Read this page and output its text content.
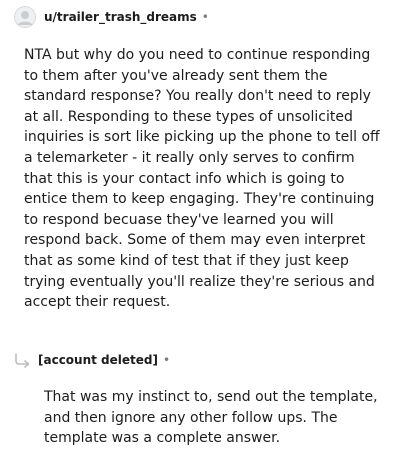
u/trailer_trash_dreams •

NTA but why do you need to continue responding to them after you've already sent them the standard response? You really don't need to reply at all. Responding to these types of unsolicited inquiries is sort like picking up the phone to tell off a telemarketer - it really only serves to confirm that this is your contact info which is going to entice them to keep engaging. They're continuing to respond becuase they've learned you will respond back. Some of them may even interpret that as some kind of test that if they just keep trying eventually you'll realize they're serious and accept their request.

[account deleted] •

That was my instinct to, send out the template, and then ignore any other follow ups. The template was a complete answer.
